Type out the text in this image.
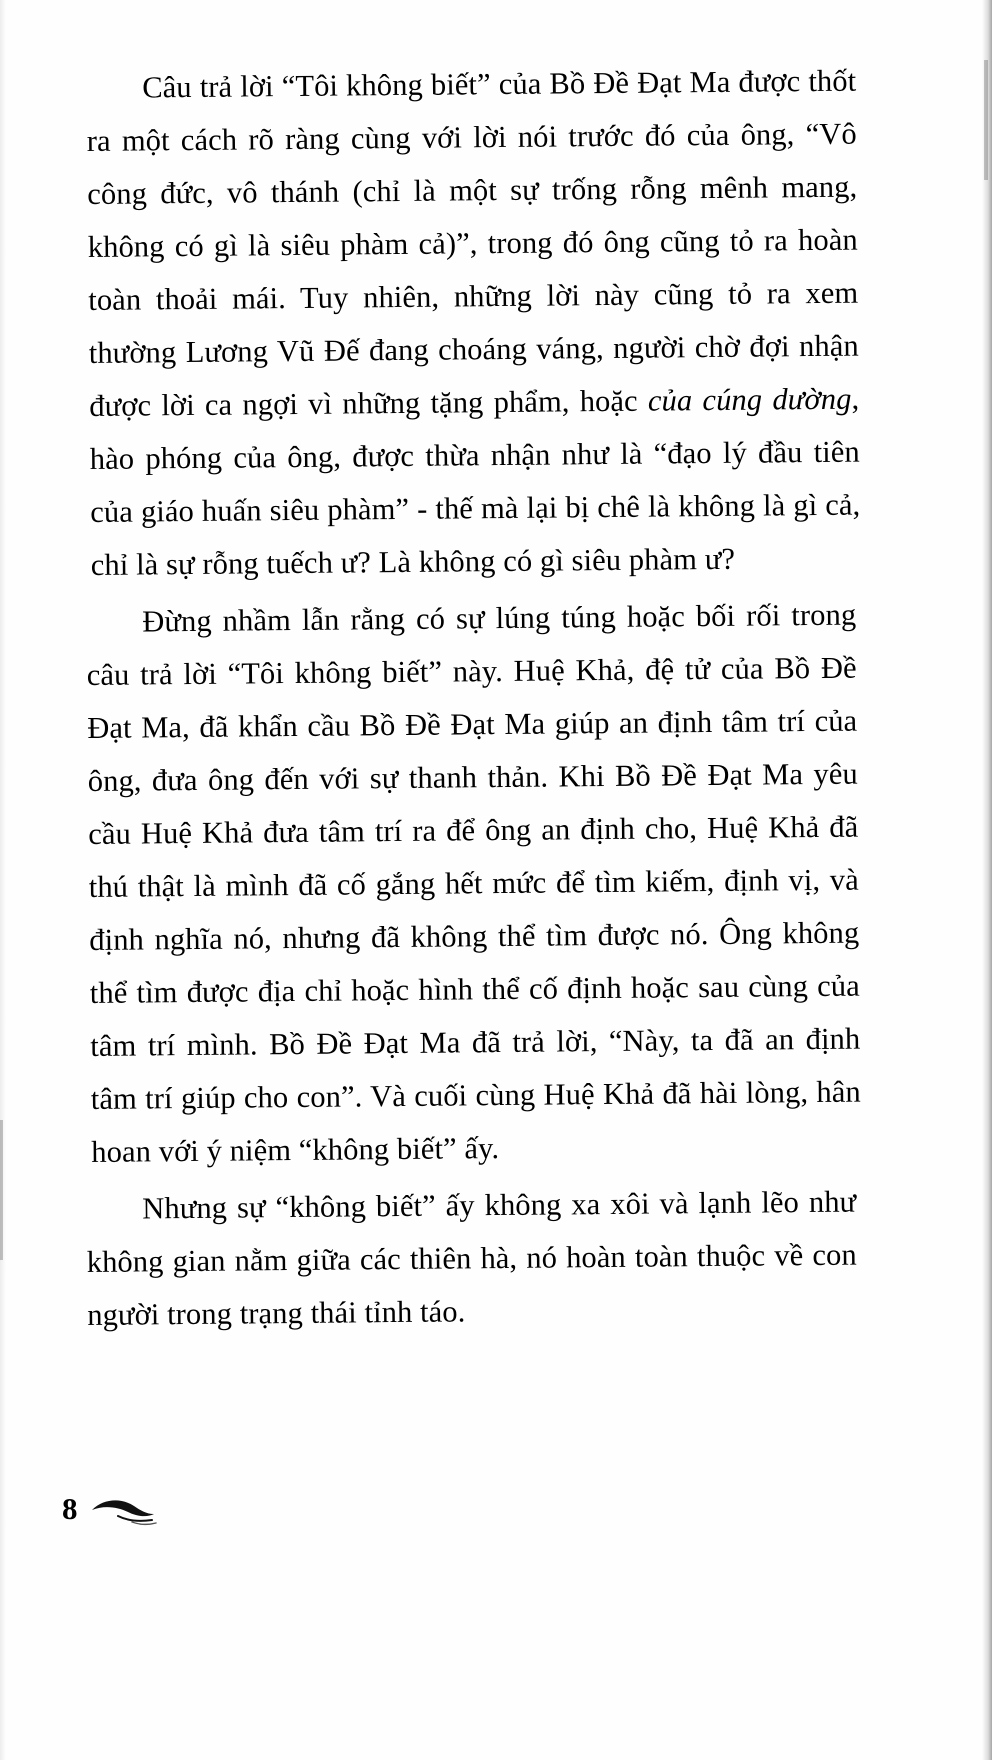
Câu trả lời “Tôi không biết” của Bồ Đề Đạt Ma được thốt ra một cách rõ ràng cùng với lời nói trước đó của ông, “Vô công đức, vô thánh (chỉ là một sự trống rỗng mênh mang, không có gì là siêu phàm cả)”, trong đó ông cũng tỏ ra hoàn toàn thoải mái. Tuy nhiên, những lời này cũng tỏ ra xem thường Lương Vũ Đế đang choáng váng, người chờ đợi nhận được lời ca ngợi vì những tặng phẩm, hoặc của cúng dường, hào phóng của ông, được thừa nhận như là “đạo lý đầu tiên của giáo huấn siêu phàm” - thế mà lại bị chê là không là gì cả, chỉ là sự rỗng tuếch ư? Là không có gì siêu phàm ư?

Đừng nhầm lẫn rằng có sự lúng túng hoặc bối rối trong câu trả lời “Tôi không biết” này. Huệ Khả, đệ tử của Bồ Đề Đạt Ma, đã khẩn cầu Bồ Đề Đạt Ma giúp an định tâm trí của ông, đưa ông đến với sự thanh thản. Khi Bồ Đề Đạt Ma yêu cầu Huệ Khả đưa tâm trí ra để ông an định cho, Huệ Khả đã thú thật là mình đã cố gắng hết mức để tìm kiếm, định vị, và định nghĩa nó, nhưng đã không thể tìm được nó. Ông không thể tìm được địa chỉ hoặc hình thể cố định hoặc sau cùng của tâm trí mình. Bồ Đề Đạt Ma đã trả lời, “Này, ta đã an định tâm trí giúp cho con”. Và cuối cùng Huệ Khả đã hài lòng, hân hoan với ý niệm “không biết” ấy.

Nhưng sự “không biết” ấy không xa xôi và lạnh lẽo như không gian nằm giữa các thiên hà, nó hoàn toàn thuộc về con người trong trạng thái tỉnh táo.

8
